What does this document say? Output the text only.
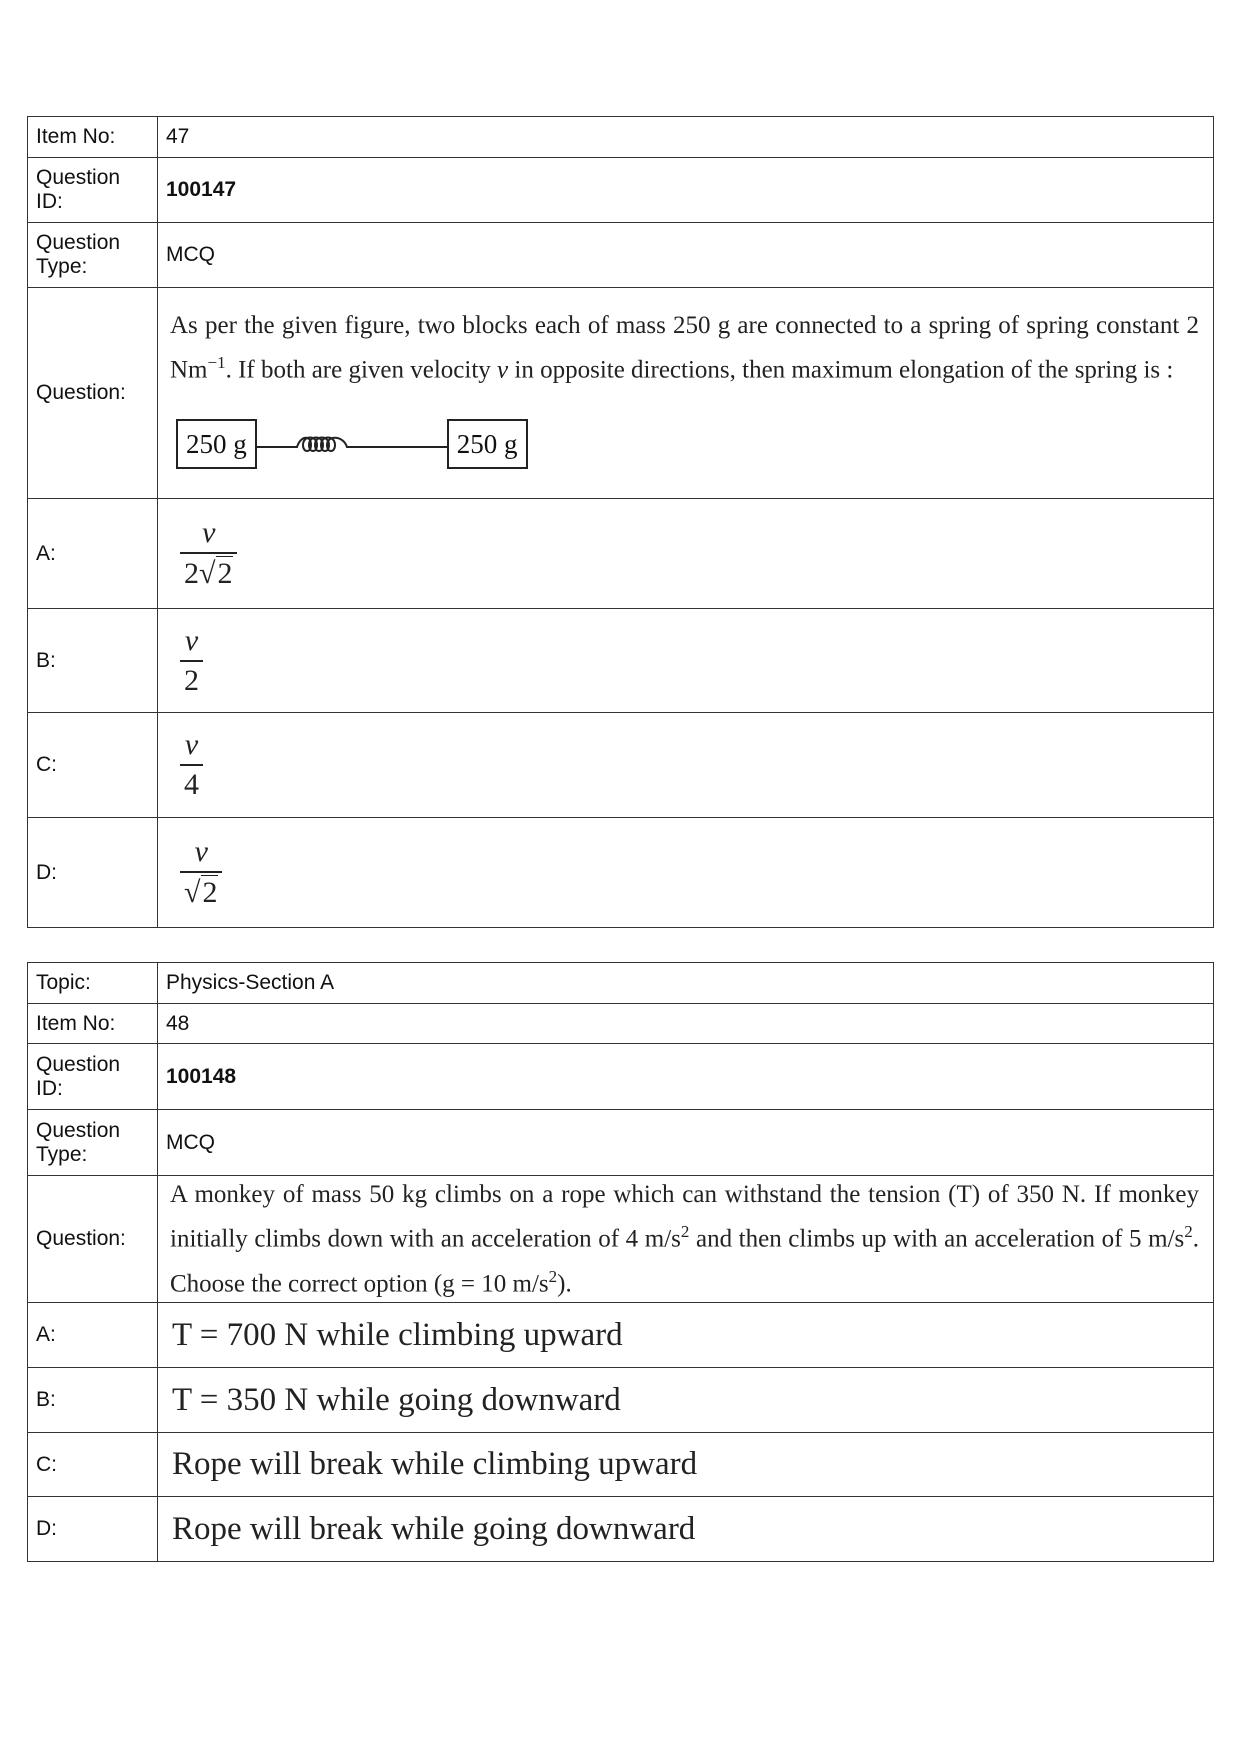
Item No:	47
Question ID:	100147
Question Type:	MCQ
Question:	As per the given figure, two blocks each of mass 250 g are connected to a spring of spring constant 2 $Nm^{-1}$. If both are given velocity v in opposite directions, then maximum elongation of the spring is :
250 g 250 g

A:	$\frac{v}{2√2}$

B:	$\frac{v}{2}$

C:	$\frac{v}{4}$

D:	$\frac{v}{√2}$
Topic:	Physics-Section A
Item No:	48
Question ID:	100148
Question Type:	MCQ
Question:	A monkey of mass 50 kg climbs on a rope which can withstand the tension (T) of 350 N. If monkey initially climbs down with an acceleration of 4 $m/s^2$ and then climbs up with an acceleration of 5 $m/s^2$. Choose the correct option (g = 10 $m/s^2$).

A:	T = 700 N while climbing upward
B:	T = 350 N while going downward
C:	Rope will break while climbing upward
D:	Rope will break while going downward
